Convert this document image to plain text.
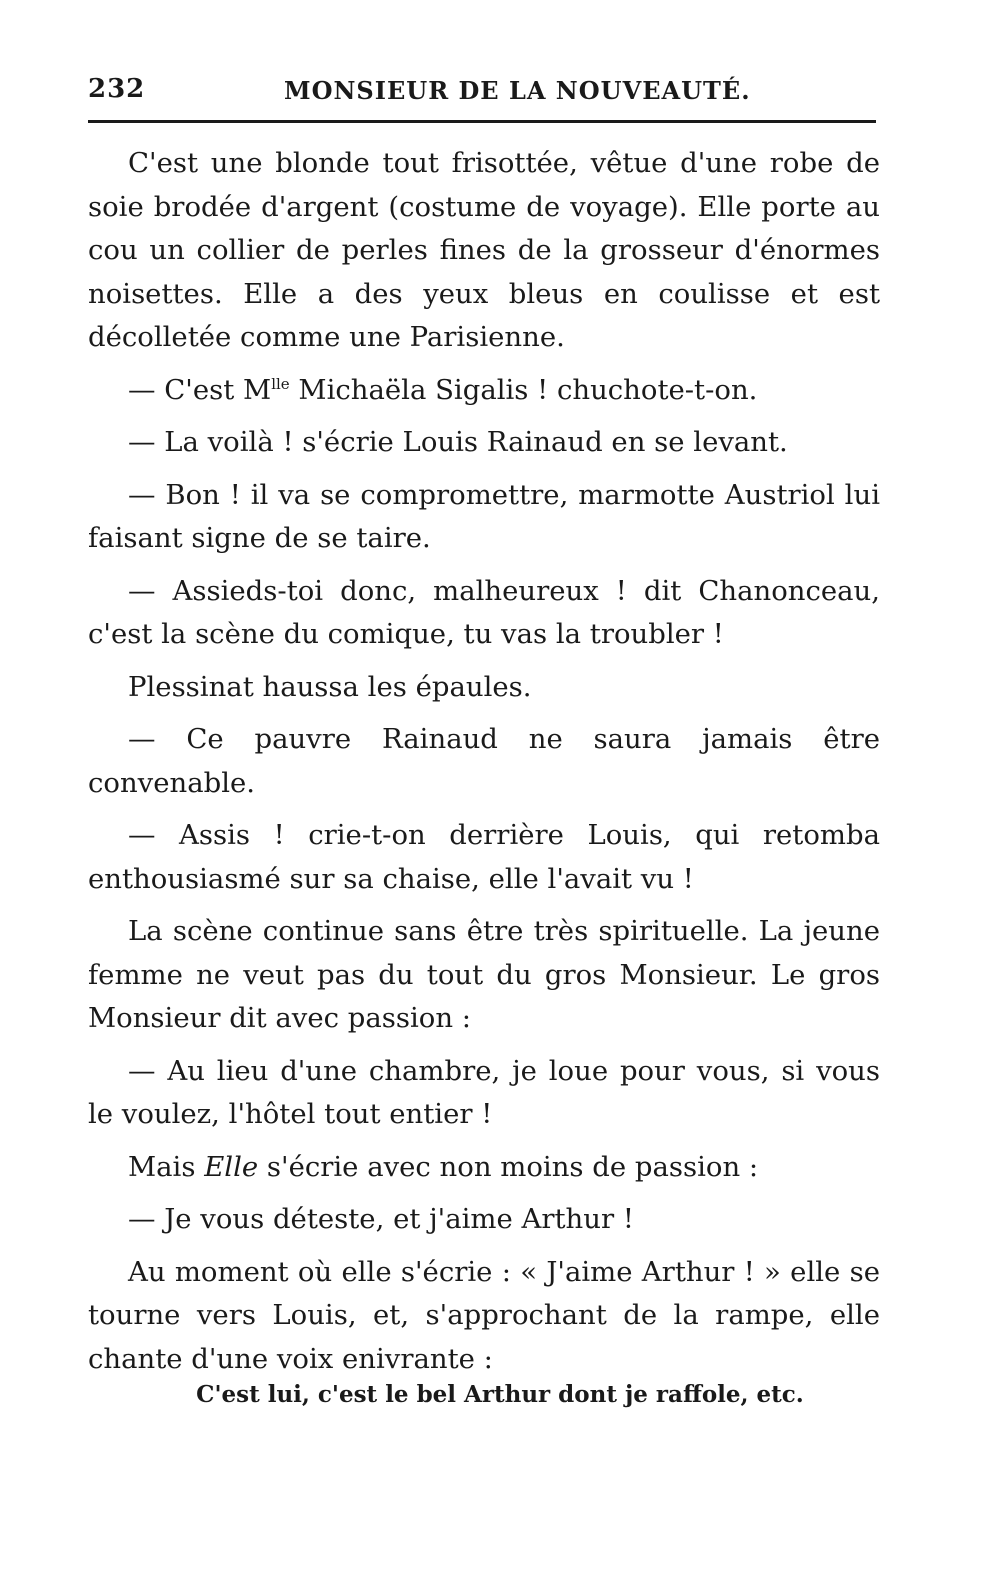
232	MONSIEUR DE LA NOUVEAUTÉ.

C'est une blonde tout frisottée, vêtue d'une robe de soie brodée d'argent (costume de voyage). Elle porte au cou un collier de perles fines de la grosseur d'énormes noisettes. Elle a des yeux bleus en coulisse et est décolletée comme une Parisienne.

— C'est $M^{lle}$ Michaëla Sigalis ! chuchote-t-on.

— La voilà ! s'écrie Louis Rainaud en se levant.

— Bon ! il va se compromettre, marmotte Austriol lui faisant signe de se taire.

— Assieds-toi donc, malheureux ! dit Chanonceau, c'est la scène du comique, tu vas la troubler !

Plessinat haussa les épaules.

— Ce pauvre Rainaud ne saura jamais être convenable.

— Assis ! crie-t-on derrière Louis, qui retomba enthousiasmé sur sa chaise, elle l'avait vu !

La scène continue sans être très spirituelle. La jeune femme ne veut pas du tout du gros Monsieur. Le gros Monsieur dit avec passion :

— Au lieu d'une chambre, je loue pour vous, si vous le voulez, l'hôtel tout entier !

Mais Elle s'écrie avec non moins de passion :

— Je vous déteste, et j'aime Arthur !

Au moment où elle s'écrie : « J'aime Arthur ! » elle se tourne vers Louis, et, s'approchant de la rampe, elle chante d'une voix enivrante :

C'est lui, c'est le bel Arthur dont je raffole, etc.
